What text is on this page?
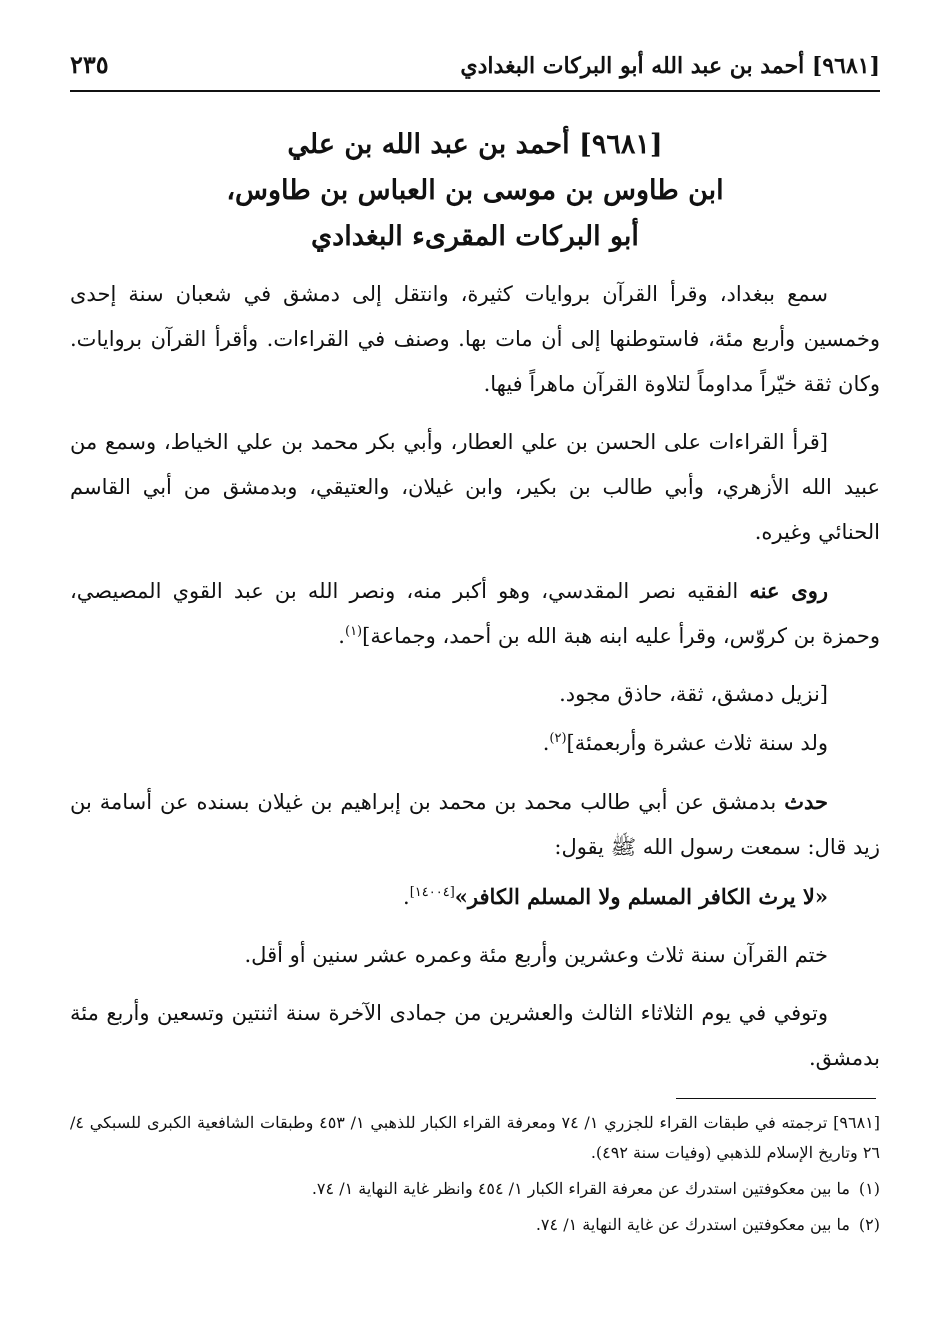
[٩٦٨١] أحمد بن عبد الله أبو البركات البغدادي
٢٣٥
[٩٦٨١] أحمد بن عبد الله بن علي
ابن طاوس بن موسى بن العباس بن طاوس،
أبو البركات المقرىء البغدادي

سمع ببغداد، وقرأ القرآن بروايات كثيرة، وانتقل إلى دمشق في شعبان سنة إحدى وخمسين وأربع مئة، فاستوطنها إلى أن مات بها. وصنف في القراءات. وأقرأ القرآن بروايات. وكان ثقة خيّراً مداوماً لتلاوة القرآن ماهراً فيها.

[قرأ القراءات على الحسن بن علي العطار، وأبي بكر محمد بن علي الخياط، وسمع من عبيد الله الأزهري، وأبي طالب بن بكير، وابن غيلان، والعتيقي، وبدمشق من أبي القاسم الحنائي وغيره.

روى عنه الفقيه نصر المقدسي، وهو أكبر منه، ونصر الله بن عبد القوي المصيصي، وحمزة بن كروّس، وقرأ عليه ابنه هبة الله بن أحمد، وجماعة]$^{(١)}$.

[نزيل دمشق، ثقة، حاذق مجود.

ولد سنة ثلاث عشرة وأربعمئة]$^{(٢)}$.

حدث بدمشق عن أبي طالب محمد بن محمد بن إبراهيم بن غيلان بسنده عن أسامة بن زيد قال: سمعت رسول الله ﷺ يقول:

«لا يرث الكافر المسلم ولا المسلم الكافر»[١٤٠٠٤].

ختم القرآن سنة ثلاث وعشرين وأربع مئة وعمره عشر سنين أو أقل.

وتوفي في يوم الثلاثاء الثالث والعشرين من جمادى الآخرة سنة اثنتين وتسعين وأربع مئة بدمشق.

[٩٦٨١] ترجمته في طبقات القراء للجزري ١/ ٧٤ ومعرفة القراء الكبار للذهبي ١/ ٤٥٣ وطبقات الشافعية الكبرى للسبكي ٤/ ٢٦ وتاريخ الإسلام للذهبي (وفيات سنة ٤٩٢).

(١)ما بين معكوفتين استدرك عن معرفة القراء الكبار ١/ ٤٥٤ وانظر غاية النهاية ١/ ٧٤.

(٢)ما بين معكوفتين استدرك عن غاية النهاية ١/ ٧٤.
